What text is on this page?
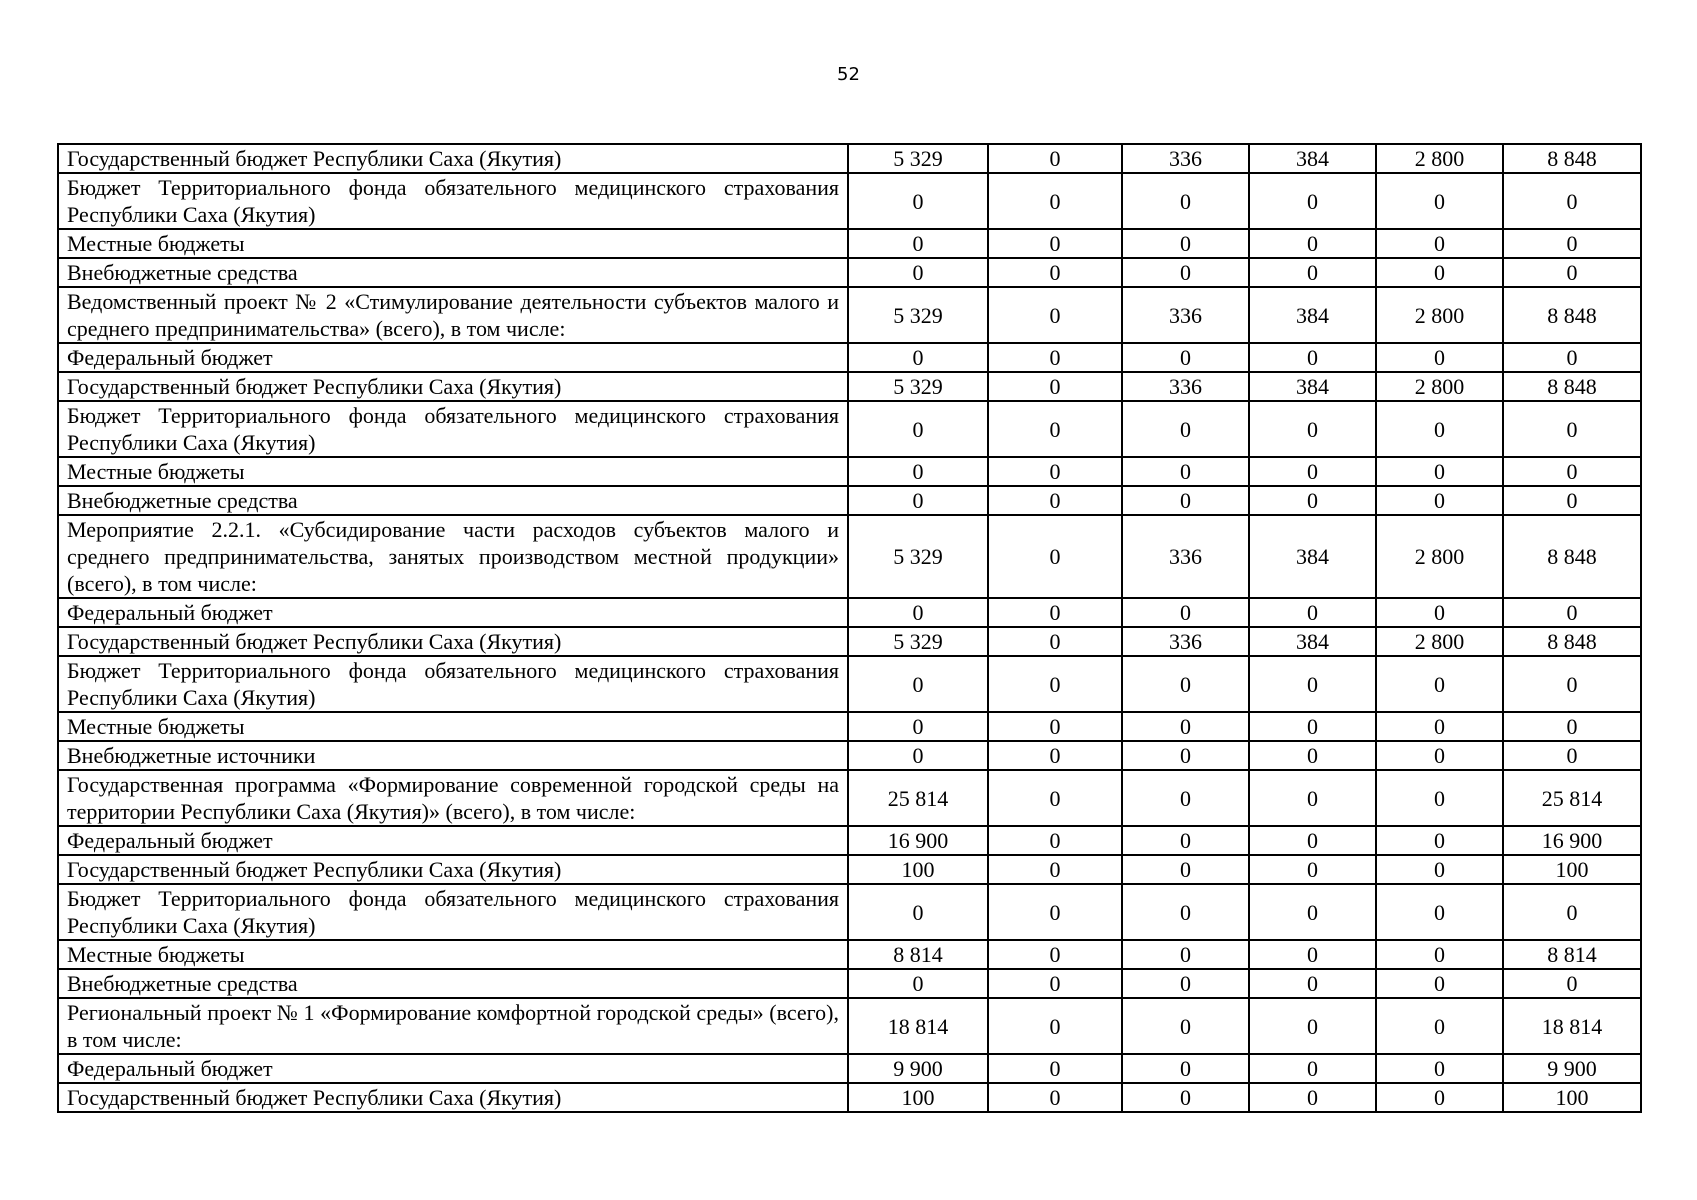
52
Государственный бюджет Республики Саха (Якутия)	5 329	0	336	384	2 800	8 848
Бюджет Территориального фонда обязательного медицинского страхования Республики Саха (Якутия)	0	0	0	0	0	0
Местные бюджеты	0	0	0	0	0	0
Внебюджетные средства	0	0	0	0	0	0
Ведомственный проект № 2 «Стимулирование деятельности субъектов малого и среднего предпринимательства» (всего), в том числе:	5 329	0	336	384	2 800	8 848
Федеральный бюджет	0	0	0	0	0	0
Государственный бюджет Республики Саха (Якутия)	5 329	0	336	384	2 800	8 848
Бюджет Территориального фонда обязательного медицинского страхования Республики Саха (Якутия)	0	0	0	0	0	0
Местные бюджеты	0	0	0	0	0	0
Внебюджетные средства	0	0	0	0	0	0
Мероприятие 2.2.1. «Субсидирование части расходов субъектов малого и среднего предпринимательства, занятых производством местной продукции» (всего), в том числе:	5 329	0	336	384	2 800	8 848
Федеральный бюджет	0	0	0	0	0	0
Государственный бюджет Республики Саха (Якутия)	5 329	0	336	384	2 800	8 848
Бюджет Территориального фонда обязательного медицинского страхования Республики Саха (Якутия)	0	0	0	0	0	0
Местные бюджеты	0	0	0	0	0	0
Внебюджетные источники	0	0	0	0	0	0
Государственная программа «Формирование современной городской среды на территории Республики Саха (Якутия)» (всего), в том числе:	25 814	0	0	0	0	25 814
Федеральный бюджет	16 900	0	0	0	0	16 900
Государственный бюджет Республики Саха (Якутия)	100	0	0	0	0	100
Бюджет Территориального фонда обязательного медицинского страхования Республики Саха (Якутия)	0	0	0	0	0	0
Местные бюджеты	8 814	0	0	0	0	8 814
Внебюджетные средства	0	0	0	0	0	0
Региональный проект № 1 «Формирование комфортной городской среды» (всего), в том числе:	18 814	0	0	0	0	18 814
Федеральный бюджет	9 900	0	0	0	0	9 900
Государственный бюджет Республики Саха (Якутия)	100	0	0	0	0	100
